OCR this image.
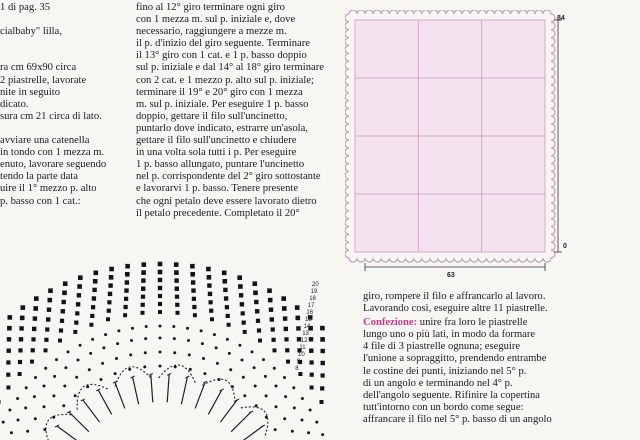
1 di pag. 35

cialbaby" lilla,

ra cm 69x90 circa
2 piastrelle, lavorate
nite in seguito
dicato.
sura cm 21 circa di lato.

avviare una catenella
in tondo con 1 mezza m.
enuto, lavorare seguendo
tendo la parte data
uire il 1° mezzo p. alto
p. basso con 1 cat.:
fino al 12° giro terminare ogni giro
con 1 mezza m. sul p. iniziale e, dove
necessario, raggiungere a mezze m.
il p. d'inizio del giro seguente. Terminare
il 13° giro con 1 cat. e 1 p. basso doppio
sul p. iniziale e dal 14° al 18° giro terminare
con 2 cat. e 1 mezzo p. alto sul p. iniziale;
terminare il 19° e 20° giro con 1 mezza
m. sul p. iniziale. Per eseguire 1 p. basso
doppio, gettare il filo sull'uncinetto,
puntarlo dove indicato, estrarre un'asola,
gettare il filo sull'uncinetto e chiudere
in una volta sola tutti i p. Per eseguire
1 p. basso allungato, puntare l'uncinetto
nel p. corrispondente del 2° giro sottostante
e lavorarvi 1 p. basso. Tenere presente
che ogni petalo deve essere lavorato dietro
il petalo precedente. Completato il 20°
giro, rompere il filo e affrancarlo al lavoro.
Lavorando così, eseguire altre 11 piastrelle.
Confezione: unire fra loro le piastrelle
lungo uno o più lati, in modo da formare
4 file di 3 piastrelle ognuna; eseguire
l'unione a sopraggitto, prendendo entrambe
le costine dei punti, iniziando nel 5° p.
di un angolo e terminando nel 4° p.
dell'angolo seguente. Rifinire la copertina
tutt'intorno con un bordo come segue:
affrancare il filo nel 5° p. basso di un angolo
84
0
63
20
19
18
17
16
15
14
13
12
11
10
9
8
